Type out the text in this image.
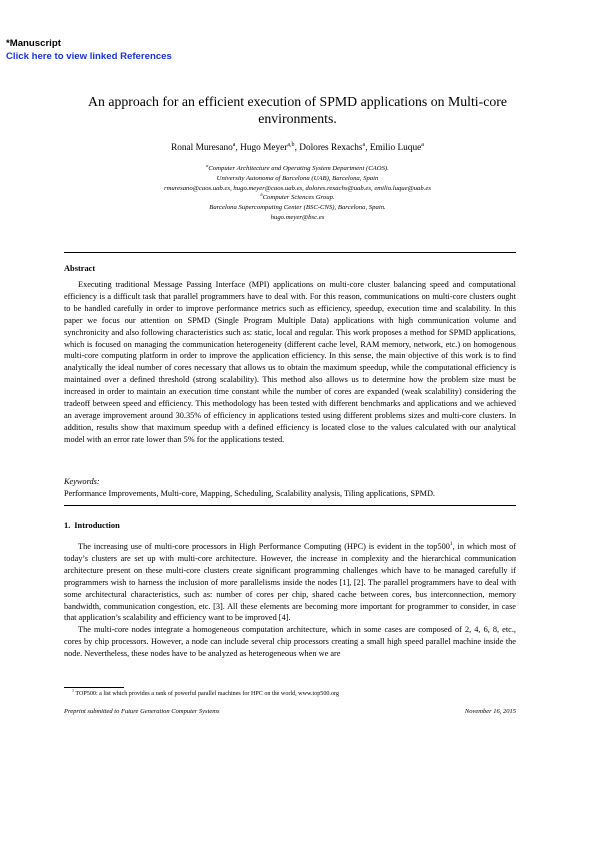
*Manuscript
Click here to view linked References
An approach for an efficient execution of SPMD applications on Multi-core
environments.
Ronal Muresano$^a$, Hugo Meyer$^{a,b}$, Dolores Rexachs$^a$, Emilio Luque$^a$
$^a$Computer Architecture and Operating System Department (CAOS).
University Autonoma of Barcelona (UAB), Barcelona, Spain
rmuresano@caos.uab.es, hugo.meyer@caos.uab.es, dolores.rexachs@uab.es, emilio.luque@uab.es
$^b$Computer Sciences Group.
Barcelona Supercomputing Center (BSC-CNS), Barcelona, Spain.
hugo.meyer@bsc.es
Abstract

Executing traditional Message Passing Interface (MPI) applications on multi-core cluster balancing speed and computational efficiency is a difficult task that parallel programmers have to deal with. For this reason, communications on multi-core clusters ought to be handled carefully in order to improve performance metrics such as efficiency, speedup, execution time and scalability. In this paper we focus our attention on SPMD (Single Program Multiple Data) applications with high communication volume and synchronicity and also following characteristics such as: static, local and regular. This work proposes a method for SPMD applications, which is focused on managing the communication heterogeneity (different cache level, RAM memory, network, etc.) on homogenous multi-core computing platform in order to improve the application efficiency. In this sense, the main objective of this work is to find analytically the ideal number of cores necessary that allows us to obtain the maximum speedup, while the computational efficiency is maintained over a defined threshold (strong scalability). This method also allows us to determine how the problem size must be increased in order to maintain an execution time constant while the number of cores are expanded (weak scalability) considering the tradeoff between speed and efficiency. This methodology has been tested with different benchmarks and applications and we achieved an average improvement around 30.35% of efficiency in applications tested using different problems sizes and multi-core clusters. In addition, results show that maximum speedup with a defined efficiency is located close to the values calculated with our analytical model with an error rate lower than 5% for the applications tested.

Keywords:
Performance Improvements, Multi-core, Mapping, Scheduling, Scalability analysis, Tiling applications, SPMD.
1. Introduction

The increasing use of multi-core processors in High Performance Computing (HPC) is evident in the $top500^1$, in which most of today’s clusters are set up with multi-core architecture. However, the increase in complexity and the hierarchical communication architecture present on these multi-core clusters create significant programming challenges which have to be managed carefully if programmers wish to harness the inclusion of more parallelisms inside the nodes [1], [2]. The parallel programmers have to deal with some architectural characteristics, such as: number of cores per chip, shared cache between cores, bus interconnection, memory bandwidth, communication congestion, etc. [3]. All these elements are becoming more important for programmer to consider, in case that application’s scalability and efficiency want to be improved [4].

The multi-core nodes integrate a homogeneous computation architecture, which in some cases are composed of 2, 4, 6, 8, etc., cores by chip processors. However, a node can include several chip processors creating a small high speed parallel machine inside the node. Nevertheless, these nodes have to be analyzed as heterogeneous when we are

$^1$ TOP500: a list which provides a rank of powerful parallel machines for HPC on the world, www.top500.org
Preprint submitted to Future Generation Computer Systems	November 16, 2015
